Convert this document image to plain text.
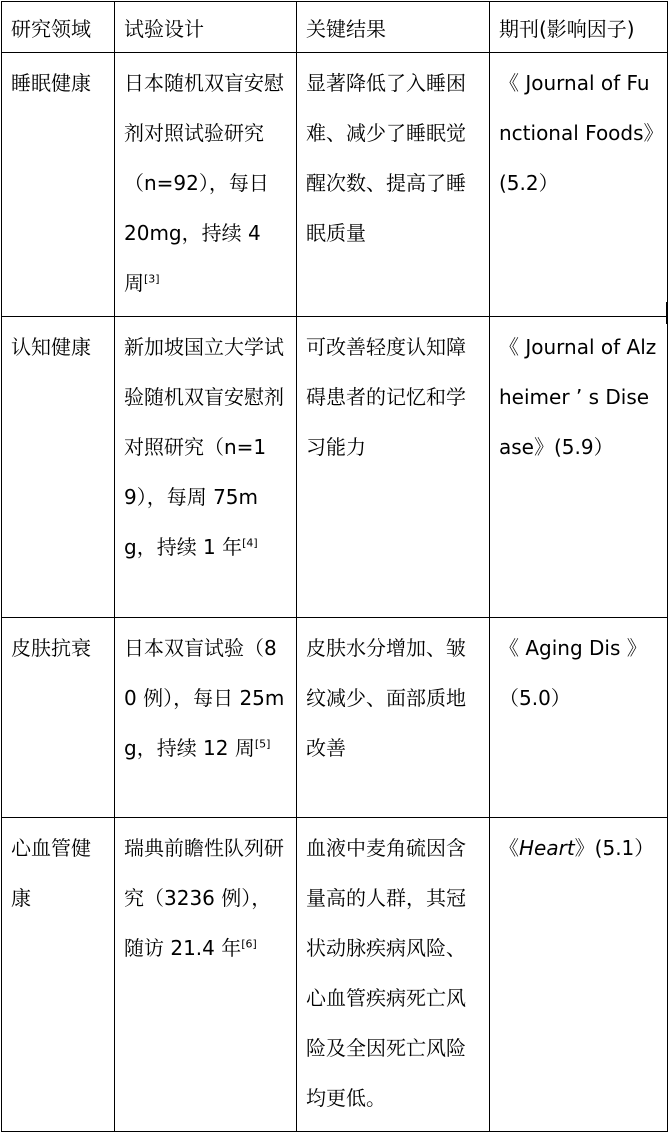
研究领域	试验设计	关键结果	期刊(影响因子)
睡眠健康	日本随机双盲安慰剂对照试验研究（n=92），每日 20mg，持续 4 周[3]	显著降低了入睡困难、减少了睡眠觉醒次数、提高了睡眠质量	《 Journal of Functional Foods》(5.2）
认知健康	新加坡国立大学试验随机双盲安慰剂对照研究（n=19），每周 75mg，持续 1 年[4]	可改善轻度认知障碍患者的记忆和学习能力	《 Journal of Alzheimer ’ s Disease》(5.9）
皮肤抗衰	日本双盲试验（80 例），每日 25mg，持续 12 周[5]	皮肤水分增加、皱纹减少、面部质地改善	《 Aging Dis 》（5.0）
心血管健康	瑞典前瞻性队列研究（3236 例），随访 21.4 年[6]	血液中麦角硫因含量高的人群，其冠状动脉疾病风险、心血管疾病死亡风险及全因死亡风险均更低。	《Heart》(5.1）
